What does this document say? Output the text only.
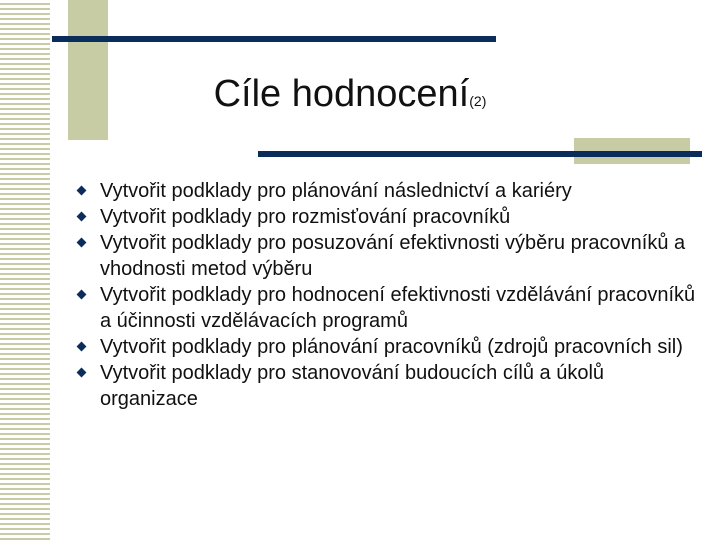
Cíle hodnocení(2)
Vytvořit podklady pro plánování následnictví a kariéry
Vytvořit podklady pro rozmisťování pracovníků
Vytvořit podklady pro posuzování efektivnosti výběru pracovníků a vhodnosti metod výběru
Vytvořit podklady pro hodnocení efektivnosti vzdělávání pracovníků a účinnosti vzdělávacích programů
Vytvořit podklady pro plánování pracovníků (zdrojů pracovních sil)
Vytvořit podklady pro stanovování budoucích cílů a úkolů organizace
